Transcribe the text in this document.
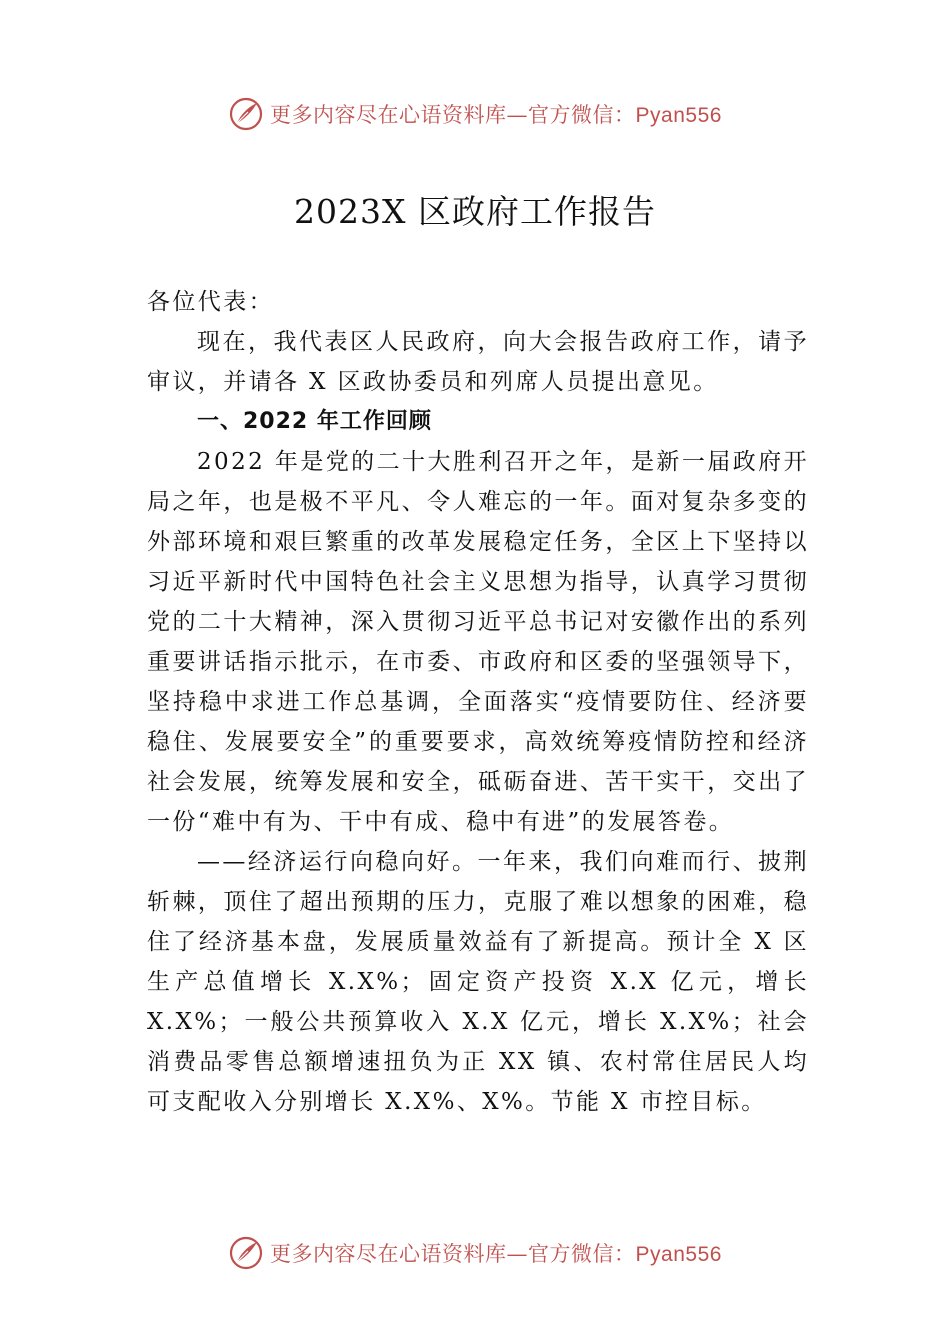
更多内容尽在心语资料库—官方微信：Pyan556
2023X 区政府工作报告

各位代表：

现在，我代表区人民政府，向大会报告政府工作，请予审议，并请各 X 区政协委员和列席人员提出意见。

一、2022 年工作回顾

2022 年是党的二十大胜利召开之年，是新一届政府开局之年，也是极不平凡、令人难忘的一年。面对复杂多变的外部环境和艰巨繁重的改革发展稳定任务，全区上下坚持以习近平新时代中国特色社会主义思想为指导，认真学习贯彻党的二十大精神，深入贯彻习近平总书记对安徽作出的系列重要讲话指示批示，在市委、市政府和区委的坚强领导下，坚持稳中求进工作总基调，全面落实“疫情要防住、经济要稳住、发展要安全”的重要要求，高效统筹疫情防控和经济社会发展，统筹发展和安全，砥砺奋进、苦干实干，交出了一份“难中有为、干中有成、稳中有进”的发展答卷。

——经济运行向稳向好。一年来，我们向难而行、披荆斩棘，顶住了超出预期的压力，克服了难以想象的困难，稳住了经济基本盘，发展质量效益有了新提高。预计全 X 区生产总值增长 X.X%；固定资产投资 X.X 亿元，增长 X.X%；一般公共预算收入 X.X 亿元，增长 X.X%；社会消费品零售总额增速扭负为正 XX 镇、农村常住居民人均可支配收入分别增长 X.X%、X%。节能 X 市控目标。

更多内容尽在心语资料库—官方微信：Pyan556
